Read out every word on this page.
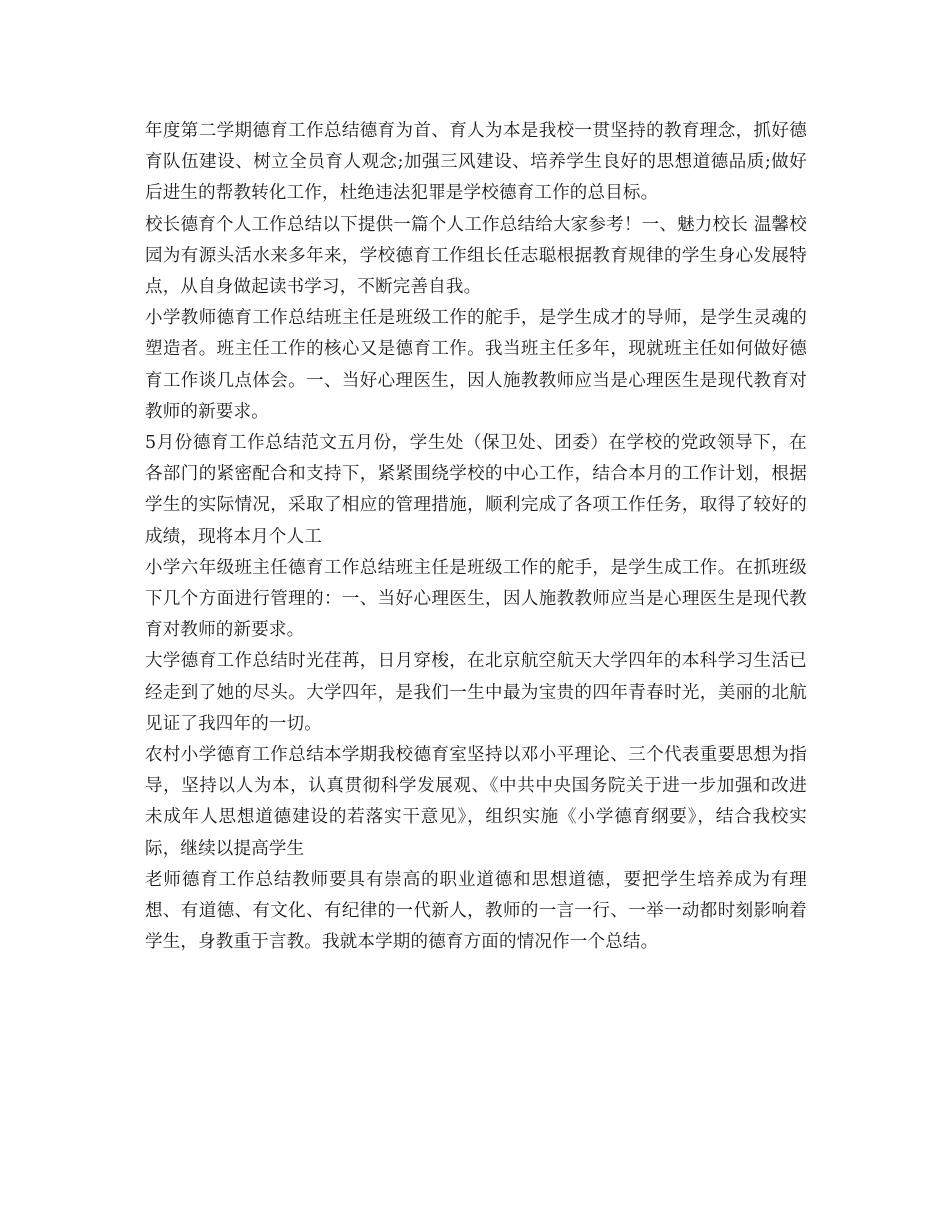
年度第二学期德育工作总结德育为首、育人为本是我校一贯坚持的教育理念，抓好德育队伍建设、树立全员育人观念;加强三风建设、培养学生良好的思想道德品质;做好后进生的帮教转化工作，杜绝违法犯罪是学校德育工作的总目标。

校长德育个人工作总结以下提供一篇个人工作总结给大家参考！一、魅力校长 温馨校园为有源头活水来多年来，学校德育工作组长任志聪根据教育规律的学生身心发展特点，从自身做起读书学习，不断完善自我。

小学教师德育工作总结班主任是班级工作的舵手，是学生成才的导师，是学生灵魂的塑造者。班主任工作的核心又是德育工作。我当班主任多年，现就班主任如何做好德育工作谈几点体会。一、当好心理医生，因人施教教师应当是心理医生是现代教育对教师的新要求。

5月份德育工作总结范文五月份，学生处（保卫处、团委）在学校的党政领导下，在各部门的紧密配合和支持下，紧紧围绕学校的中心工作，结合本月的工作计划，根据学生的实际情况，采取了相应的管理措施，顺利完成了各项工作任务，取得了较好的成绩，现将本月个人工

小学六年级班主任德育工作总结班主任是班级工作的舵手，是学生成工作。在抓班级下几个方面进行管理的：一、当好心理医生，因人施教教师应当是心理医生是现代教育对教师的新要求。

大学德育工作总结时光荏苒，日月穿梭，在北京航空航天大学四年的本科学习生活已经走到了她的尽头。大学四年，是我们一生中最为宝贵的四年青春时光，美丽的北航见证了我四年的一切。

农村小学德育工作总结本学期我校德育室坚持以邓小平理论、三个代表重要思想为指导，坚持以人为本，认真贯彻科学发展观、《中共中央国务院关于进一步加强和改进未成年人思想道德建设的若落实干意见》，组织实施《小学德育纲要》，结合我校实际，继续以提高学生

老师德育工作总结教师要具有崇高的职业道德和思想道德，要把学生培养成为有理想、有道德、有文化、有纪律的一代新人，教师的一言一行、一举一动都时刻影响着学生，身教重于言教。我就本学期的德育方面的情况作一个总结。
